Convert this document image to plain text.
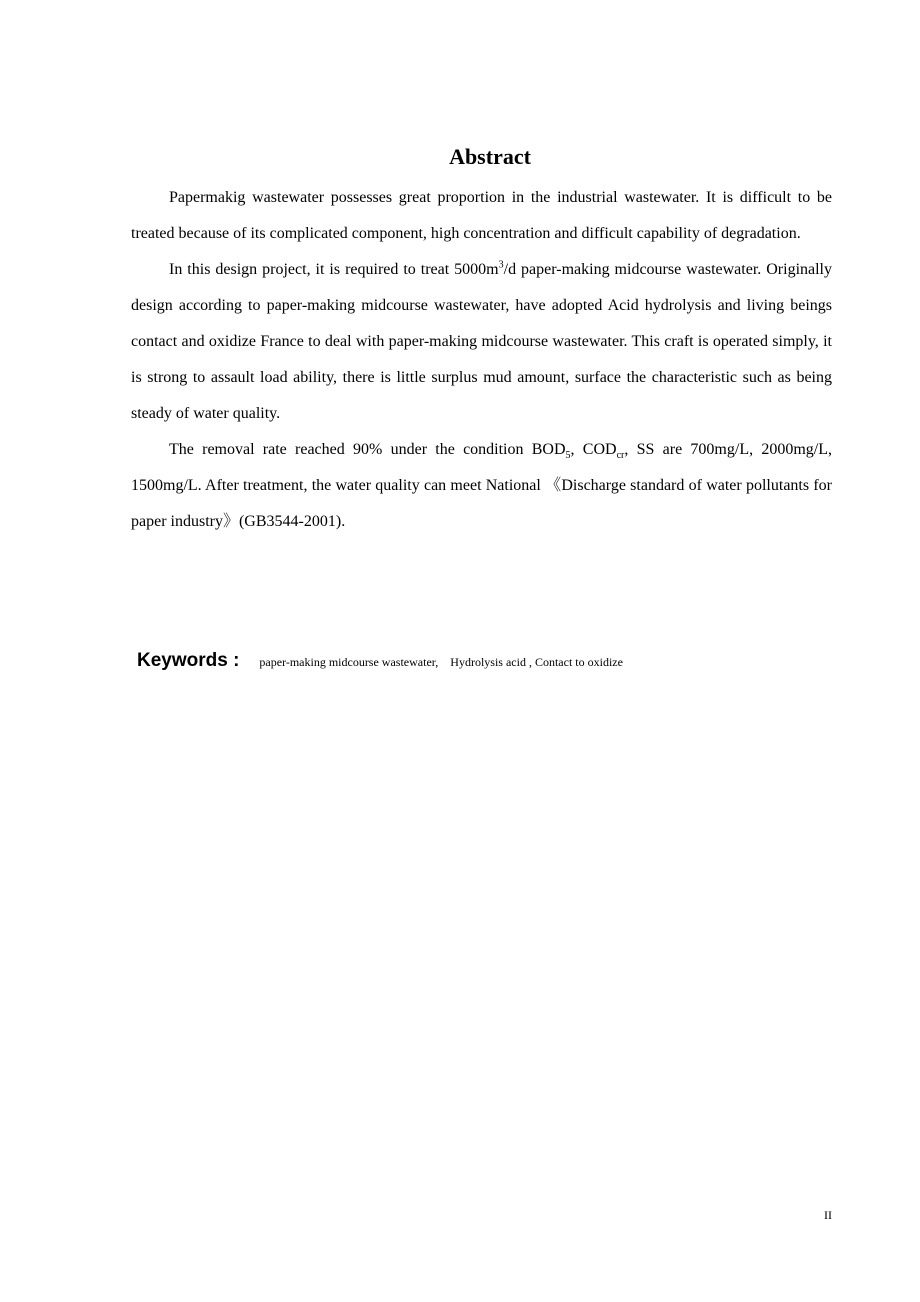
Abstract

Papermakig wastewater possesses great proportion in the industrial wastewater. It is difficult to be treated because of its complicated component, high concentration and difficult capability of degradation.

In this design project, it is required to treat $5000m^3/d$ paper-making midcourse wastewater. Originally design according to paper-making midcourse wastewater, have adopted Acid hydrolysis and living beings contact and oxidize France to deal with paper-making midcourse wastewater. This craft is operated simply, it is strong to assault load ability, there is little surplus mud amount, surface the characteristic such as being steady of water quality.

The removal rate reached 90% under the condition $BOD_5$, $COD_{cr}$, SS are 700mg/L, 2000mg/L, 1500mg/L. After treatment, the water quality can meet National 《Discharge standard of water pollutants for paper industry》(GB3544-2001).

Keywords : paper-making midcourse wastewater,    Hydrolysis acid , Contact to oxidize
II
